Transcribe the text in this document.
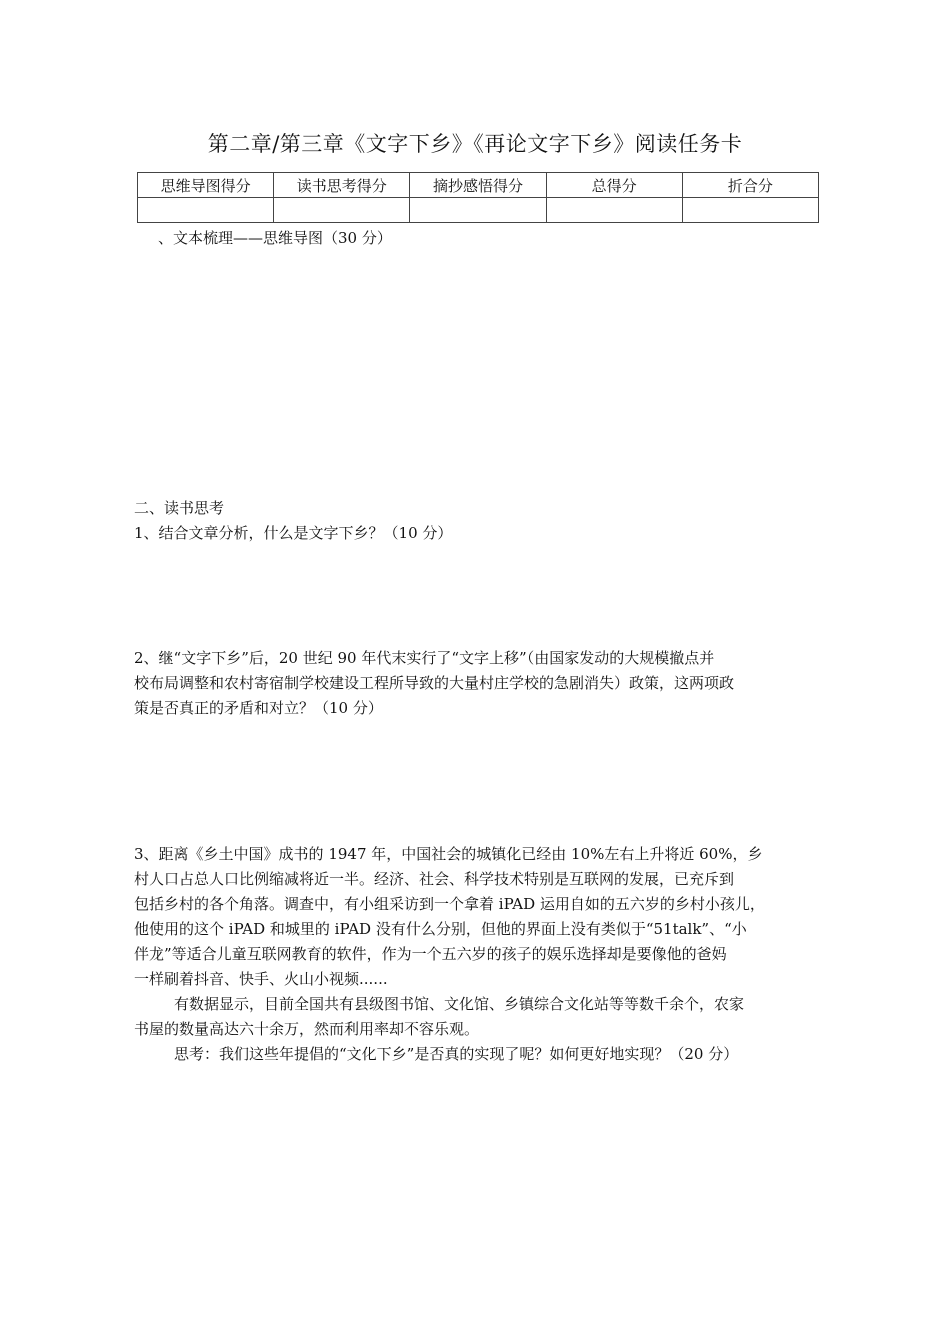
第二章/第三章《文字下乡》《再论文字下乡》阅读任务卡
思维导图得分	读书思考得分	摘抄感悟得分	总得分	折合分

、文本梳理——思维导图（30 分）
二、读书思考
1、结合文章分析，什么是文字下乡？（10 分）
2、继“文字下乡”后，20 世纪 90 年代末实行了“文字上移”（由国家发动的大规模撤点并
校布局调整和农村寄宿制学校建设工程所导致的大量村庄学校的急剧消失）政策，这两项政
策是否真正的矛盾和对立？（10 分）
3、距离《乡土中国》成书的 1947 年，中国社会的城镇化已经由 10%左右上升将近 60%，乡
村人口占总人口比例缩减将近一半。经济、社会、科学技术特别是互联网的发展，已充斥到
包括乡村的各个角落。调查中，有小组采访到一个拿着 iPAD 运用自如的五六岁的乡村小孩儿，
他使用的这个 iPAD 和城里的 iPAD 没有什么分别，但他的界面上没有类似于“51talk”、“小
伴龙”等适合儿童互联网教育的软件，作为一个五六岁的孩子的娱乐选择却是要像他的爸妈
一样刷着抖音、快手、火山小视频......
有数据显示，目前全国共有县级图书馆、文化馆、乡镇综合文化站等等数千余个，农家
书屋的数量高达六十余万，然而利用率却不容乐观。
思考：我们这些年提倡的“文化下乡”是否真的实现了呢？如何更好地实现？（20 分）
